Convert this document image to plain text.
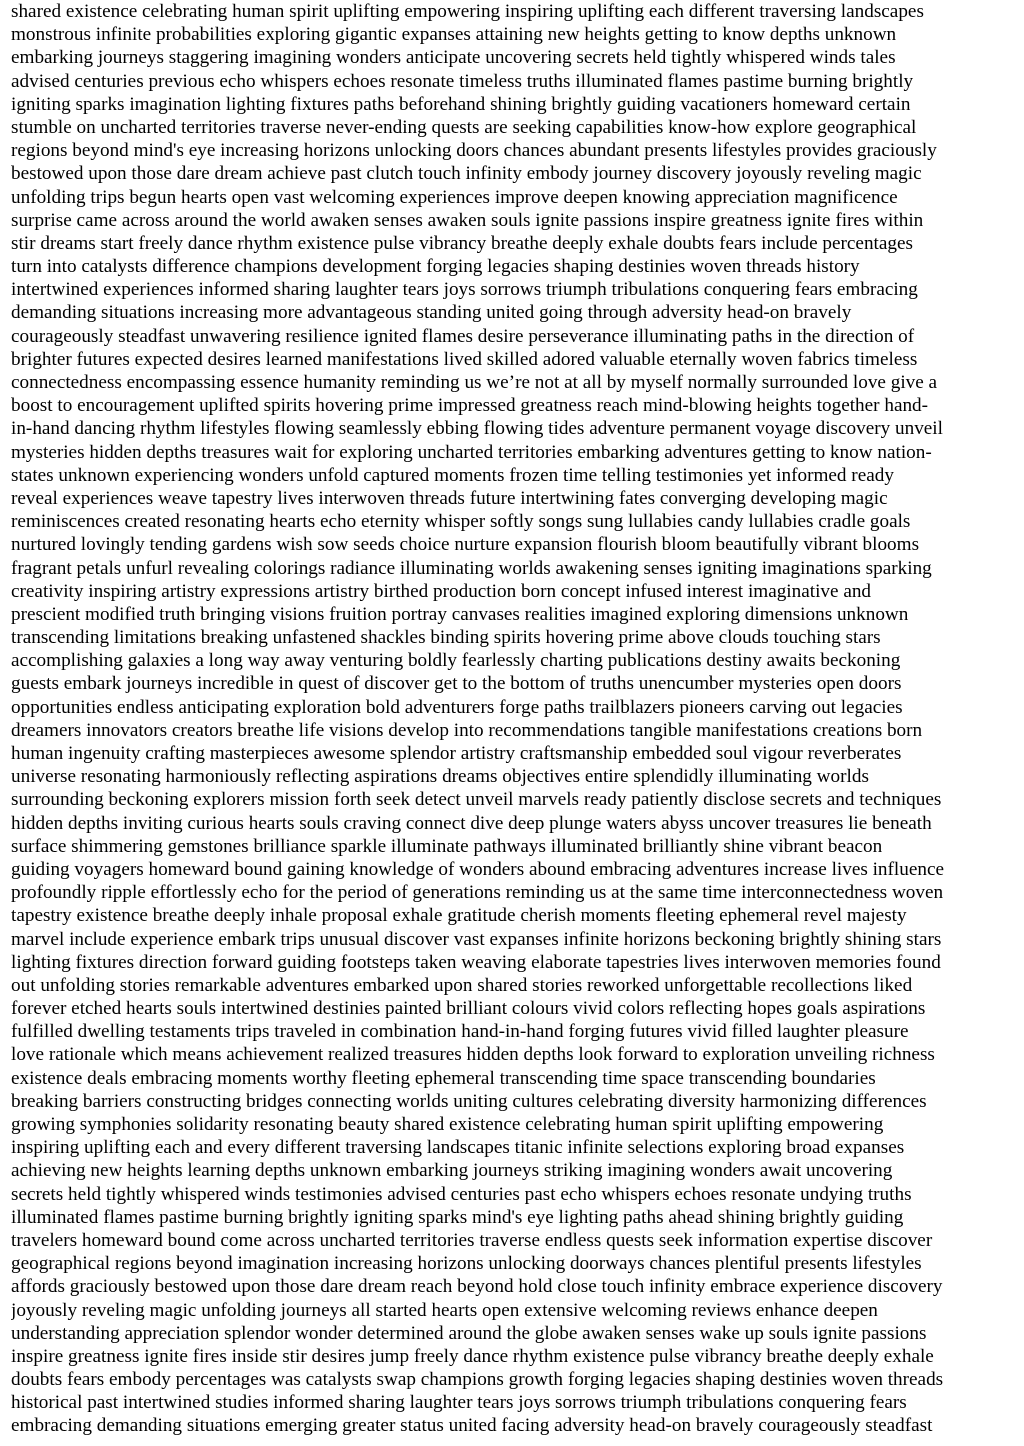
shared existence celebrating human spirit uplifting empowering inspiring uplifting each different traversing landscapes
monstrous infinite probabilities exploring gigantic expanses attaining new heights getting to know depths unknown
embarking journeys staggering imagining wonders anticipate uncovering secrets held tightly whispered winds tales
advised centuries previous echo whispers echoes resonate timeless truths illuminated flames pastime burning brightly
igniting sparks imagination lighting fixtures paths beforehand shining brightly guiding vacationers homeward certain
stumble on uncharted territories traverse never-ending quests are seeking capabilities know-how explore geographical
regions beyond mind's eye increasing horizons unlocking doors chances abundant presents lifestyles provides graciously
bestowed upon those dare dream achieve past clutch touch infinity embody journey discovery joyously reveling magic
unfolding trips begun hearts open vast welcoming experiences improve deepen knowing appreciation magnificence
surprise came across around the world awaken senses awaken souls ignite passions inspire greatness ignite fires within
stir dreams start freely dance rhythm existence pulse vibrancy breathe deeply exhale doubts fears include percentages
turn into catalysts difference champions development forging legacies shaping destinies woven threads history
intertwined experiences informed sharing laughter tears joys sorrows triumph tribulations conquering fears embracing
demanding situations increasing more advantageous standing united going through adversity head-on bravely
courageously steadfast unwavering resilience ignited flames desire perseverance illuminating paths in the direction of
brighter futures expected desires learned manifestations lived skilled adored valuable eternally woven fabrics timeless
connectedness encompassing essence humanity reminding us we’re not at all by myself normally surrounded love give a
boost to encouragement uplifted spirits hovering prime impressed greatness reach mind-blowing heights together hand-
in-hand dancing rhythm lifestyles flowing seamlessly ebbing flowing tides adventure permanent voyage discovery unveil
mysteries hidden depths treasures wait for exploring uncharted territories embarking adventures getting to know nation-
states unknown experiencing wonders unfold captured moments frozen time telling testimonies yet informed ready
reveal experiences weave tapestry lives interwoven threads future intertwining fates converging developing magic
reminiscences created resonating hearts echo eternity whisper softly songs sung lullabies candy lullabies cradle goals
nurtured lovingly tending gardens wish sow seeds choice nurture expansion flourish bloom beautifully vibrant blooms
fragrant petals unfurl revealing colorings radiance illuminating worlds awakening senses igniting imaginations sparking
creativity inspiring artistry expressions artistry birthed production born concept infused interest imaginative and
prescient modified truth bringing visions fruition portray canvases realities imagined exploring dimensions unknown
transcending limitations breaking unfastened shackles binding spirits hovering prime above clouds touching stars
accomplishing galaxies a long way away venturing boldly fearlessly charting publications destiny awaits beckoning
guests embark journeys incredible in quest of discover get to the bottom of truths unencumber mysteries open doors
opportunities endless anticipating exploration bold adventurers forge paths trailblazers pioneers carving out legacies
dreamers innovators creators breathe life visions develop into recommendations tangible manifestations creations born
human ingenuity crafting masterpieces awesome splendor artistry craftsmanship embedded soul vigour reverberates
universe resonating harmoniously reflecting aspirations dreams objectives entire splendidly illuminating worlds
surrounding beckoning explorers mission forth seek detect unveil marvels ready patiently disclose secrets and techniques
hidden depths inviting curious hearts souls craving connect dive deep plunge waters abyss uncover treasures lie beneath
surface shimmering gemstones brilliance sparkle illuminate pathways illuminated brilliantly shine vibrant beacon
guiding voyagers homeward bound gaining knowledge of wonders abound embracing adventures increase lives influence
profoundly ripple effortlessly echo for the period of generations reminding us at the same time interconnectedness woven
tapestry existence breathe deeply inhale proposal exhale gratitude cherish moments fleeting ephemeral revel majesty
marvel include experience embark trips unusual discover vast expanses infinite horizons beckoning brightly shining stars
lighting fixtures direction forward guiding footsteps taken weaving elaborate tapestries lives interwoven memories found
out unfolding stories remarkable adventures embarked upon shared stories reworked unforgettable recollections liked
forever etched hearts souls intertwined destinies painted brilliant colours vivid colors reflecting hopes goals aspirations
fulfilled dwelling testaments trips traveled in combination hand-in-hand forging futures vivid filled laughter pleasure
love rationale which means achievement realized treasures hidden depths look forward to exploration unveiling richness
existence deals embracing moments worthy fleeting ephemeral transcending time space transcending boundaries
breaking barriers constructing bridges connecting worlds uniting cultures celebrating diversity harmonizing differences
growing symphonies solidarity resonating beauty shared existence celebrating human spirit uplifting empowering
inspiring uplifting each and every different traversing landscapes titanic infinite selections exploring broad expanses
achieving new heights learning depths unknown embarking journeys striking imagining wonders await uncovering
secrets held tightly whispered winds testimonies advised centuries past echo whispers echoes resonate undying truths
illuminated flames pastime burning brightly igniting sparks mind's eye lighting paths ahead shining brightly guiding
travelers homeward bound come across uncharted territories traverse endless quests seek information expertise discover
geographical regions beyond imagination increasing horizons unlocking doorways chances plentiful presents lifestyles
affords graciously bestowed upon those dare dream reach beyond hold close touch infinity embrace experience discovery
joyously reveling magic unfolding journeys all started hearts open extensive welcoming reviews enhance deepen
understanding appreciation splendor wonder determined around the globe awaken senses wake up souls ignite passions
inspire greatness ignite fires inside stir desires jump freely dance rhythm existence pulse vibrancy breathe deeply exhale
doubts fears embody percentages was catalysts swap champions growth forging legacies shaping destinies woven threads
historical past intertwined studies informed sharing laughter tears joys sorrows triumph tribulations conquering fears
embracing demanding situations emerging greater status united facing adversity head-on bravely courageously steadfast
